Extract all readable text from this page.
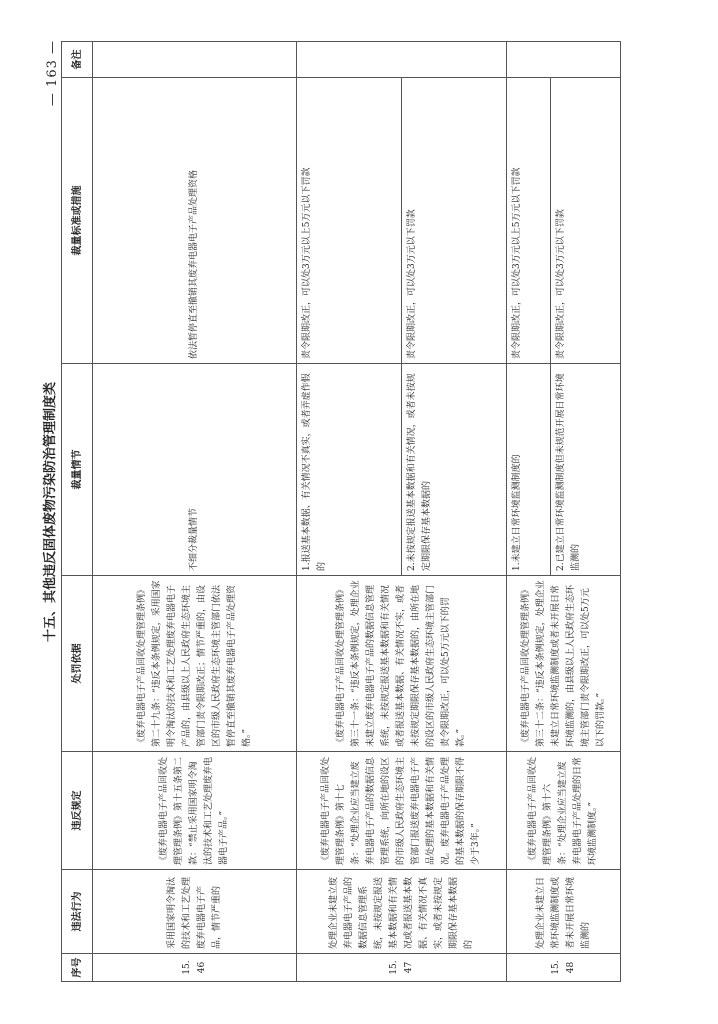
— 163 —
十五、其他违反固体废物污染防治管理制度类
序号	违法行为	违反规定	处罚依据	裁量情节	裁量标准或措施	备注
15.46	采用国家明令淘汰的技术和工艺处理废弃电器电子产品，情节严重的	《废弃电器电子产品回收处理管理条例》第十五条第二款：“禁止采用国家明令淘汰的技术和工艺处理废弃电器电子产品。”	《废弃电器电子产品回收处理管理条例》第二十九条：“违反本条例规定，采用国家明令淘汰的技术和工艺处理废弃电器电子产品的，由县级以上人民政府生态环境主管部门责令限期改正；情节严重的，由设区的市级人民政府生态环境主管部门依法暂停直至撤销其废弃电器电子产品处理资格。”	不细分裁量情节	依法暂停直至撤销其废弃电器电子产品处理资格	
15.47	处理企业未建立废弃电器电子产品的数据信息管理系统，未按规定报送基本数据和有关情况或者报送基本数据、有关情况不真实，或者未按规定期限保存基本数据的	《废弃电器电子产品回收处理管理条例》第十七条：“处理企业应当建立废弃电器电子产品的数据信息管理系统，向所在地的设区的市级人民政府生态环境主管部门报送废弃电器电子产品处理的基本数据和有关情况。废弃电器电子产品处理的基本数据的保存期限不得少于3年。”	《废弃电器电子产品回收处理管理条例》第三十一条：“违反本条例规定，处理企业未建立废弃电器电子产品的数据信息管理系统，未按规定报送基本数据和有关情况或者报送基本数据、有关情况不实，或者未按规定期限保存基本数据的，由所在地的设区的市级人民政府生态环境主管部门责令限期改正，可以处5万元以下的罚款。”	1.报送基本数据、有关情况不真实，或者弄虚作假的	责令限期改正，可以处3万元以上5万元以下罚款	
				2.未按规定报送基本数据和有关情况，或者未按规定期限保存基本数据的	责令限期改正，可以处3万元以下罚款	
15.48	处理企业未建立日常环境监测制度或者未开展日常环境监测的	《废弃电器电子产品回收处理管理条例》第十六条：“处理企业应当建立废弃电器电子产品处理的日常环境监测制度。”	《废弃电器电子产品回收处理管理条例》第三十二条：“违反本条例规定，处理企业未建立日常环境监测制度或者未开展日常环境监测的，由县级以上人民政府生态环境主管部门责令限期改正，可以处5万元以下的罚款。”	1.未建立日常环境监测制度的	责令限期改正，可以处3万元以上5万元以下罚款	
				2.已建立日常环境监测制度但未规范开展日常环境监测的	责令限期改正，可以处3万元以下罚款	
